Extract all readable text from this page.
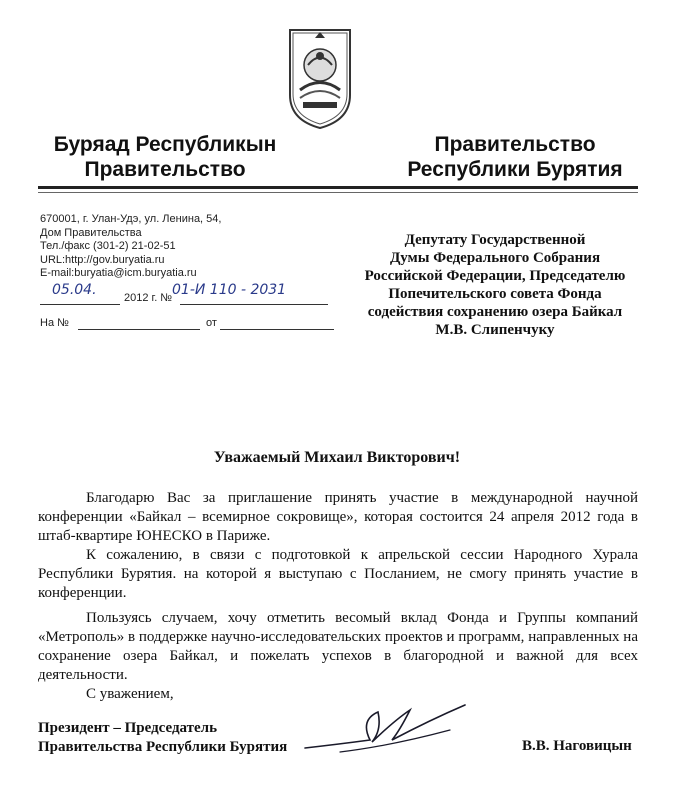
Буряад Республикын
Правительство
Правительство
Республики Бурятия
670001, г. Улан-Удэ, ул. Ленина, 54,
Дом Правительства
Тел./факс (301-2) 21-02-51
URL:http://gov.buryatia.ru
E-mail:buryatia@icm.buryatia.ru
05.04. 2012 г. № 01-И 110 - 2031
На №	от
Депутату Государственной
Думы Федерального Собрания
Российской Федерации, Председателю
Попечительского совета Фонда
содействия сохранению озера Байкал
М.В. Слипенчуку
Уважаемый Михаил Викторович!

Благодарю Вас за приглашение принять участие в международной научной конференции «Байкал – всемирное сокровище», которая состоится 24 апреля 2012 года в штаб-квартире ЮНЕСКО в Париже.

К сожалению, в связи с подготовкой к апрельской сессии Народного Хурала Республики Бурятия. на которой я выступаю с Посланием, не смогу принять участие в конференции.

Пользуясь случаем, хочу отметить весомый вклад Фонда и Группы компаний «Метрополь» в поддержке научно-исследовательских проектов и программ, направленных на сохранение озера Байкал, и пожелать успехов в благородной и важной для всех деятельности.

С уважением,

Президент – Председатель
Правительства Республики Бурятия	В.В. Наговицын
